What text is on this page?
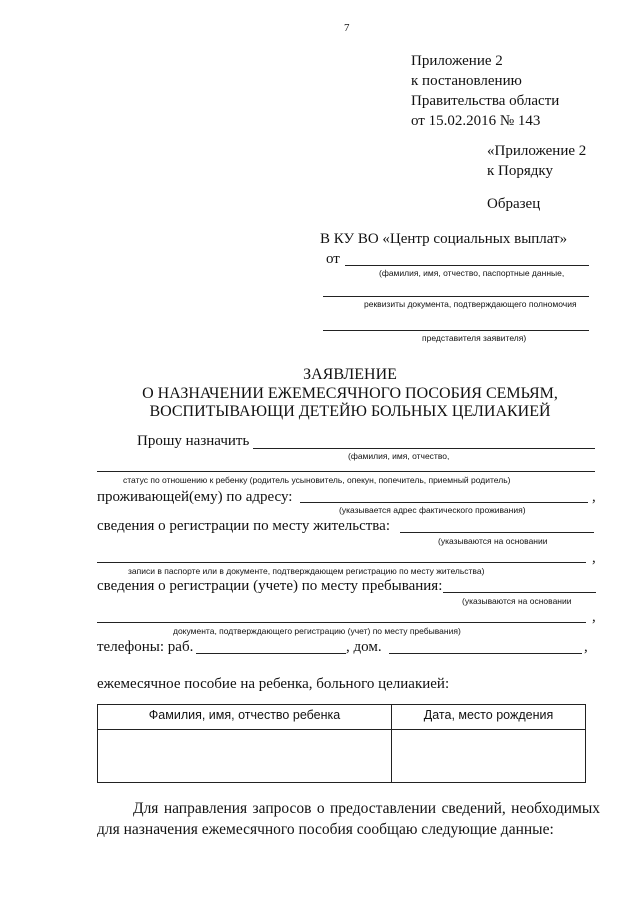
7
Приложение 2
к постановлению
Правительства области
от 15.02.2016 № 143
«Приложение 2
к Порядку
Образец
В КУ ВО «Центр социальных выплат»
от
(фамилия, имя, отчество, паспортные данные,
реквизиты документа, подтверждающего полномочия
представителя заявителя)
ЗАЯВЛЕНИЕ
О НАЗНАЧЕНИИ ЕЖЕМЕСЯЧНОГО ПОСОБИЯ СЕМЬЯМ,
ВОСПИТЫВАЮЩИ ДЕТЕЙЮ БОЛЬНЫХ ЦЕЛИАКИЕЙ
Прошу назначить
(фамилия, имя, отчество,
статус по отношению к ребенку (родитель усыновитель, опекун, попечитель, приемный родитель)
проживающей(ему) по адресу:	,
(указывается адрес фактического проживания)
сведения о регистрации по месту жительства:
(указываются на основании
,
записи в паспорте или в документе, подтверждающем регистрацию по месту жительства)
сведения о регистрации (учете) по месту пребывания:
(указываются на основании
,
документа, подтверждающего регистрацию (учет) по месту пребывания)
телефоны: раб.	, дом.	,
ежемесячное пособие на ребенка, больного целиакией:
Фамилия, имя, отчество ребенка	Дата, место рождения

Для направления запросов о предоставлении сведений, необходимых для назначения ежемесячного пособия сообщаю следующие данные:
